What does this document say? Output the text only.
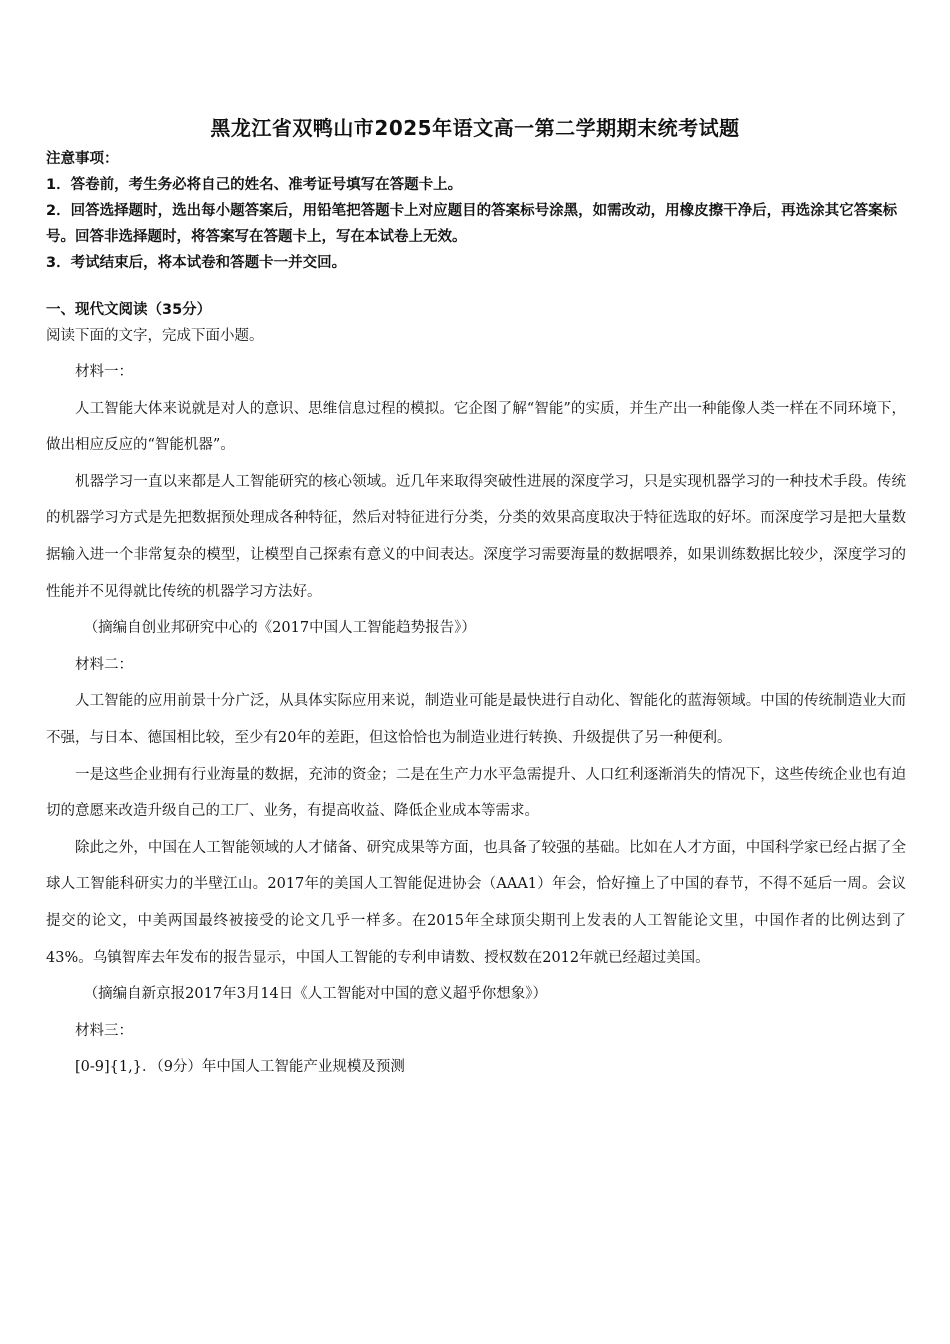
黑龙江省双鸭山市2025年语文高一第二学期期末统考试题

注意事项：

1．答卷前，考生务必将自己的姓名、准考证号填写在答题卡上。

2．回答选择题时，选出每小题答案后，用铅笔把答题卡上对应题目的答案标号涂黑，如需改动，用橡皮擦干净后，再选涂其它答案标号。回答非选择题时，将答案写在答题卡上，写在本试卷上无效。

3．考试结束后，将本试卷和答题卡一并交回。

一、现代文阅读（35分）
阅读下面的文字，完成下面小题。

材料一：

人工智能大体来说就是对人的意识、思维信息过程的模拟。它企图了解“智能”的实质，并生产出一种能像人类一样在不同环境下，做出相应反应的“智能机器”。

机器学习一直以来都是人工智能研究的核心领域。近几年来取得突破性进展的深度学习，只是实现机器学习的一种技术手段。传统的机器学习方式是先把数据预处理成各种特征，然后对特征进行分类，分类的效果高度取决于特征选取的好坏。而深度学习是把大量数据输入进一个非常复杂的模型，让模型自己探索有意义的中间表达。深度学习需要海量的数据喂养，如果训练数据比较少，深度学习的性能并不见得就比传统的机器学习方法好。

（摘编自创业邦研究中心的《2017中国人工智能趋势报告》）

材料二：

人工智能的应用前景十分广泛，从具体实际应用来说，制造业可能是最快进行自动化、智能化的蓝海领域。中国的传统制造业大而不强，与日本、德国相比较，至少有20年的差距，但这恰恰也为制造业进行转换、升级提供了另一种便利。

一是这些企业拥有行业海量的数据，充沛的资金；二是在生产力水平急需提升、人口红利逐渐消失的情况下，这些传统企业也有迫切的意愿来改造升级自己的工厂、业务，有提高收益、降低企业成本等需求。

除此之外，中国在人工智能领域的人才储备、研究成果等方面，也具备了较强的基础。比如在人才方面，中国科学家已经占据了全球人工智能科研实力的半壁江山。2017年的美国人工智能促进协会（AAA1）年会，恰好撞上了中国的春节，不得不延后一周。会议提交的论文，中美两国最终被接受的论文几乎一样多。在2015年全球顶尖期刊上发表的人工智能论文里，中国作者的比例达到了43%。乌镇智库去年发布的报告显示，中国人工智能的专利申请数、授权数在2012年就已经超过美国。

（摘编自新京报2017年3月14日《人工智能对中国的意义超乎你想象》）

材料三：

[0-9]{1,}．（9分）年中国人工智能产业规模及预测
